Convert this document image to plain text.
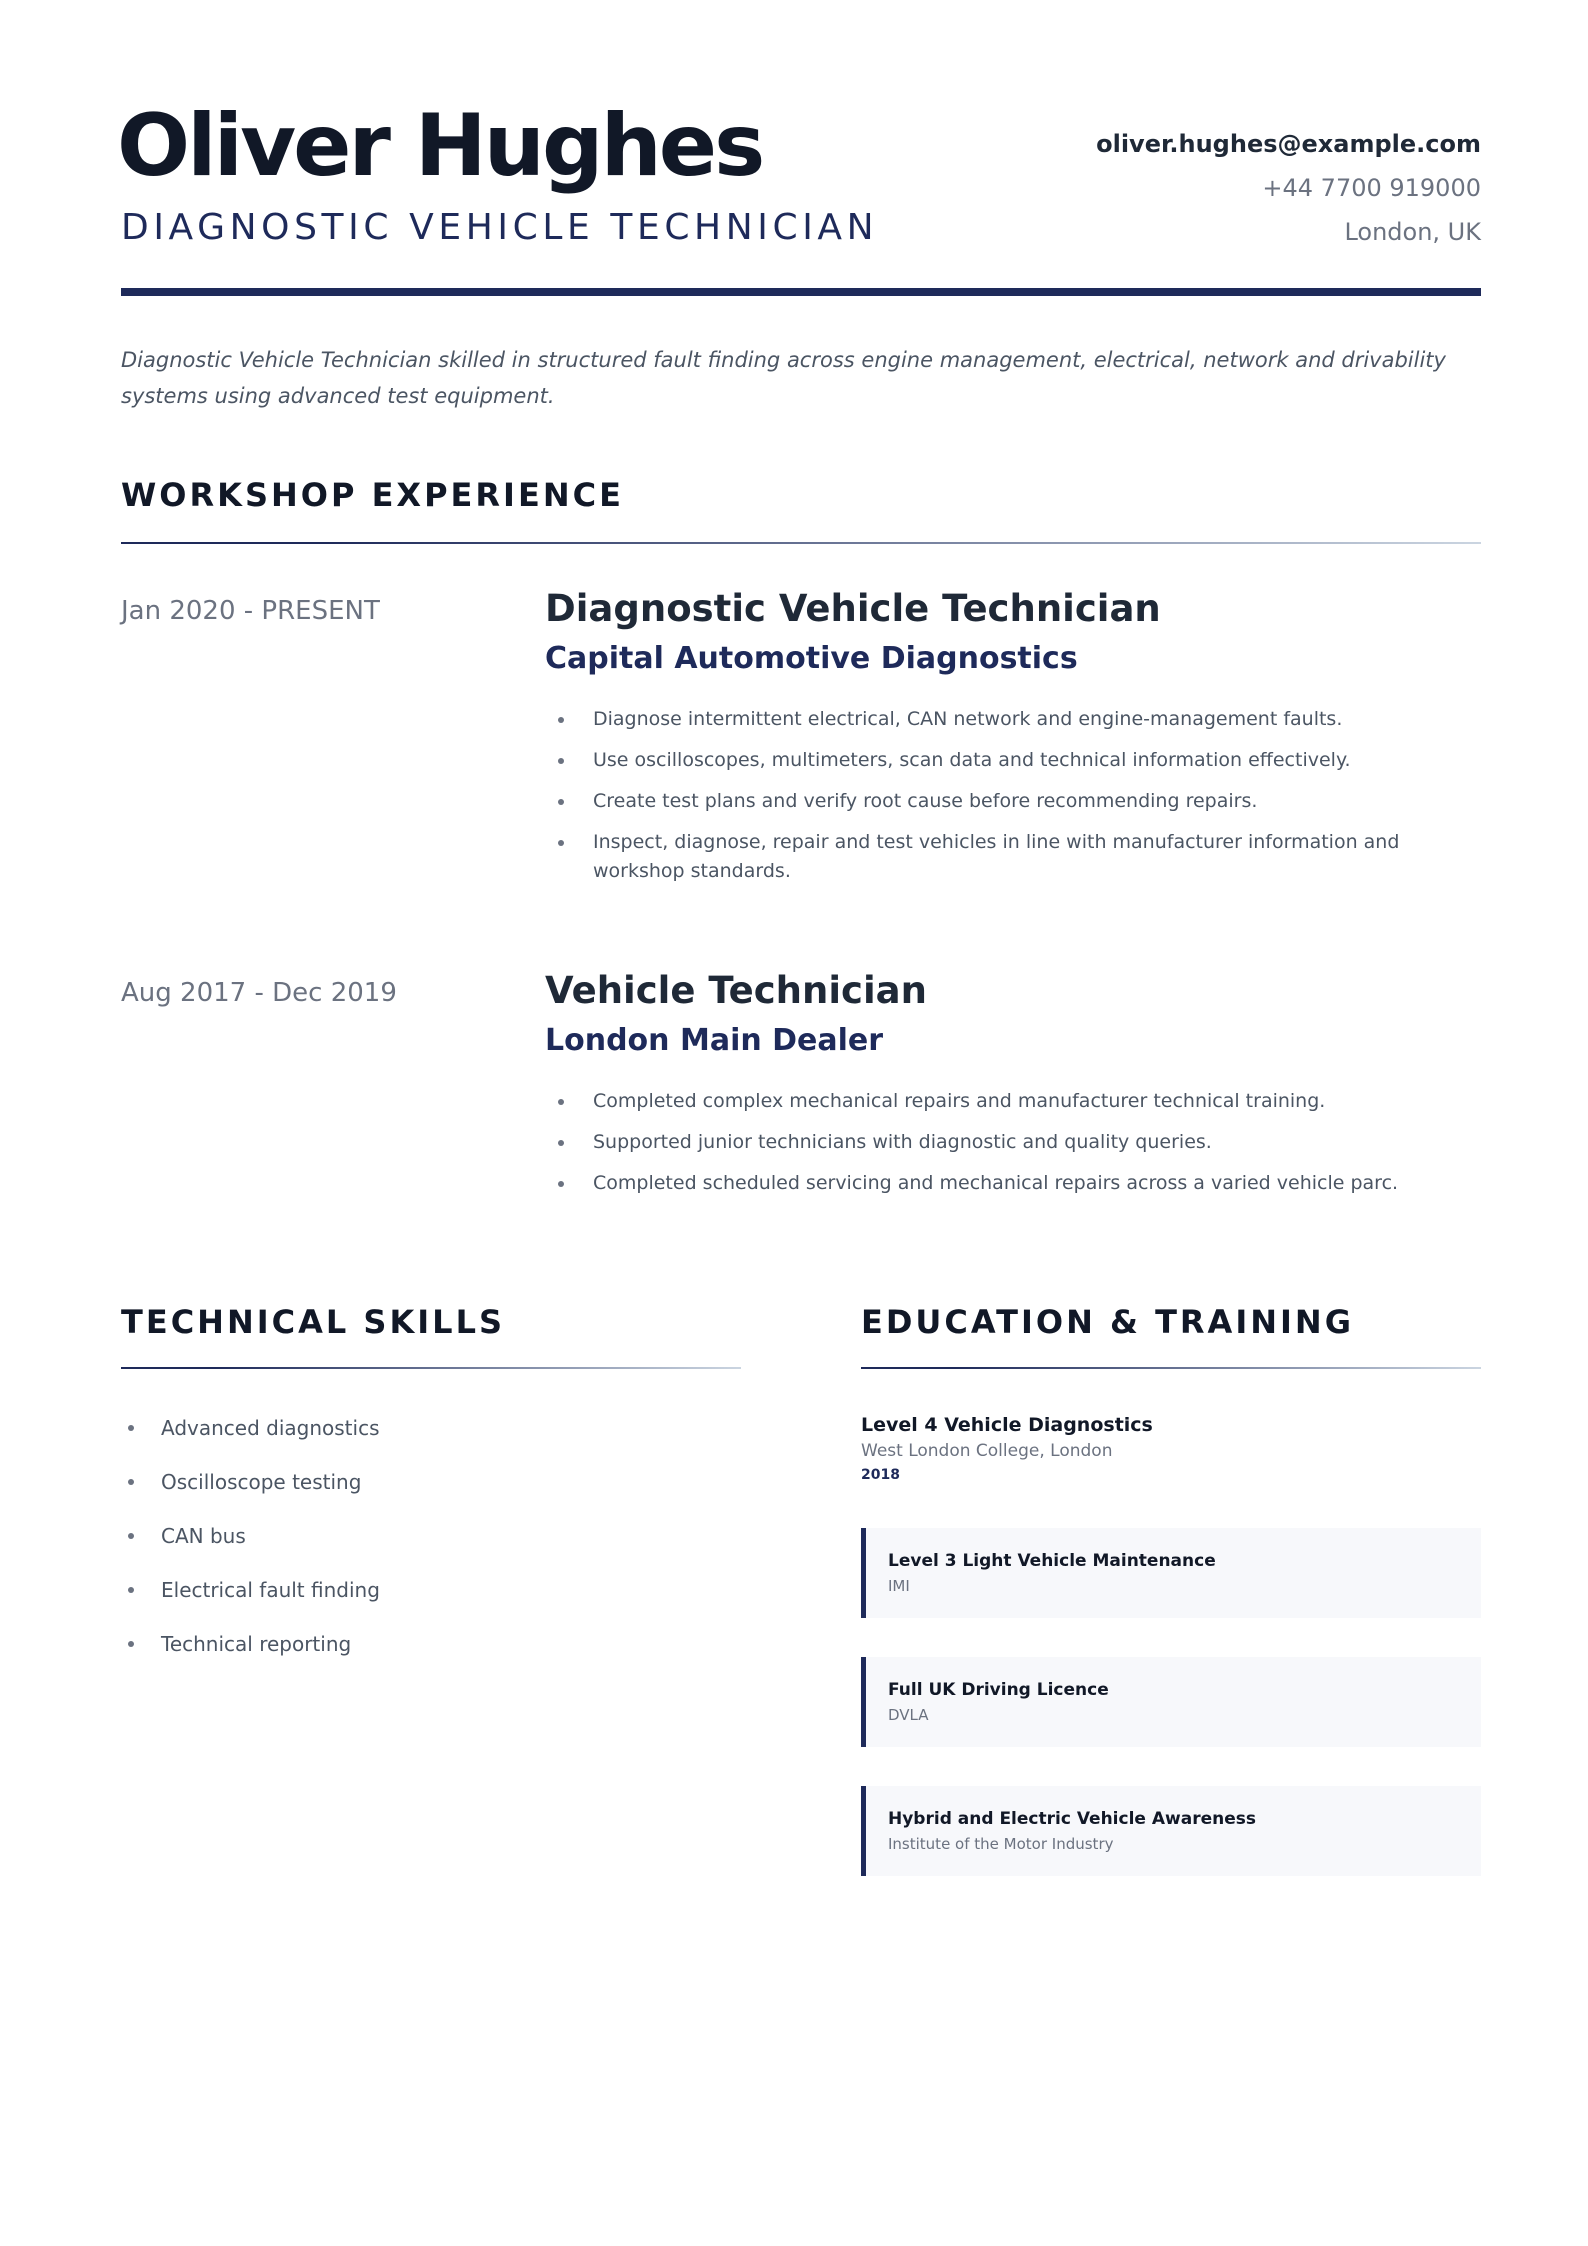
Oliver Hughes
DIAGNOSTIC VEHICLE TECHNICIAN
oliver.hughes@example.com
+44 7700 919000
London, UK

Diagnostic Vehicle Technician skilled in structured fault finding across engine management, electrical, network and drivability systems using advanced test equipment.

WORKSHOP EXPERIENCE
Jan 2020 - PRESENT	Diagnostic Vehicle Technician
Capital Automotive Diagnostics
Diagnose intermittent electrical, CAN network and engine-management faults.
Use oscilloscopes, multimeters, scan data and technical information effectively.
Create test plans and verify root cause before recommending repairs.
Inspect, diagnose, repair and test vehicles in line with manufacturer information and workshop standards.
Aug 2017 - Dec 2019	Vehicle Technician
London Main Dealer
Completed complex mechanical repairs and manufacturer technical training.
Supported junior technicians with diagnostic and quality queries.
Completed scheduled servicing and mechanical repairs across a varied vehicle parc.
TECHNICAL SKILLS
Advanced diagnostics
Oscilloscope testing
CAN bus
Electrical fault finding
Technical reporting
EDUCATION & TRAINING
Level 4 Vehicle Diagnostics
West London College, London
2018
Level 3 Light Vehicle Maintenance
IMI
Full UK Driving Licence
DVLA
Hybrid and Electric Vehicle Awareness
Institute of the Motor Industry
